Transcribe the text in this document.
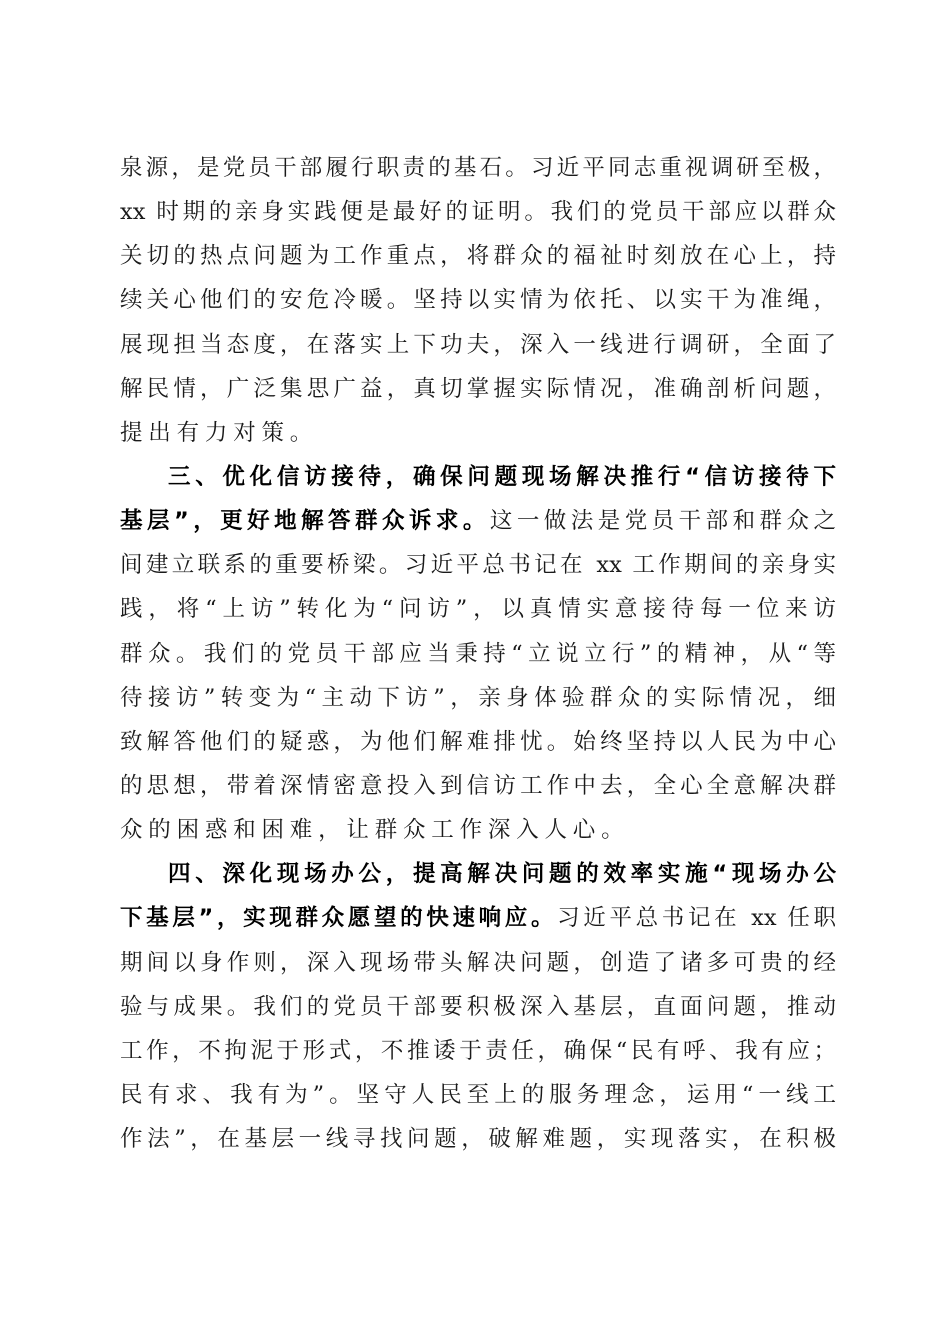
泉源，是党员干部履行职责的基石。习近平同志重视调研至极，
xx 时期的亲身实践便是最好的证明。我们的党员干部应以群众
关切的热点问题为工作重点，将群众的福祉时刻放在心上，持
续关心他们的安危冷暖。坚持以实情为依托、以实干为准绳，
展现担当态度，在落实上下功夫，深入一线进行调研，全面了
解民情，广泛集思广益，真切掌握实际情况，准确剖析问题，
提出有力对策。
三、优化信访接待，确保问题现场解决推行“信访接待下
基层”，更好地解答群众诉求。这一做法是党员干部和群众之
间建立联系的重要桥梁。习近平总书记在 xx 工作期间的亲身实
践，将“上访”转化为“问访”，以真情实意接待每一位来访
群众。我们的党员干部应当秉持“立说立行”的精神，从“等
待接访”转变为“主动下访”，亲身体验群众的实际情况，细
致解答他们的疑惑，为他们解难排忧。始终坚持以人民为中心
的思想，带着深情密意投入到信访工作中去，全心全意解决群
众的困惑和困难，让群众工作深入人心。
四、深化现场办公，提高解决问题的效率实施“现场办公
下基层”，实现群众愿望的快速响应。习近平总书记在 xx 任职
期间以身作则，深入现场带头解决问题，创造了诸多可贵的经
验与成果。我们的党员干部要积极深入基层，直面问题，推动
工作，不拘泥于形式，不推诿于责任，确保“民有呼、我有应；
民有求、我有为”。坚守人民至上的服务理念，运用“一线工
作法”，在基层一线寻找问题，破解难题，实现落实，在积极
